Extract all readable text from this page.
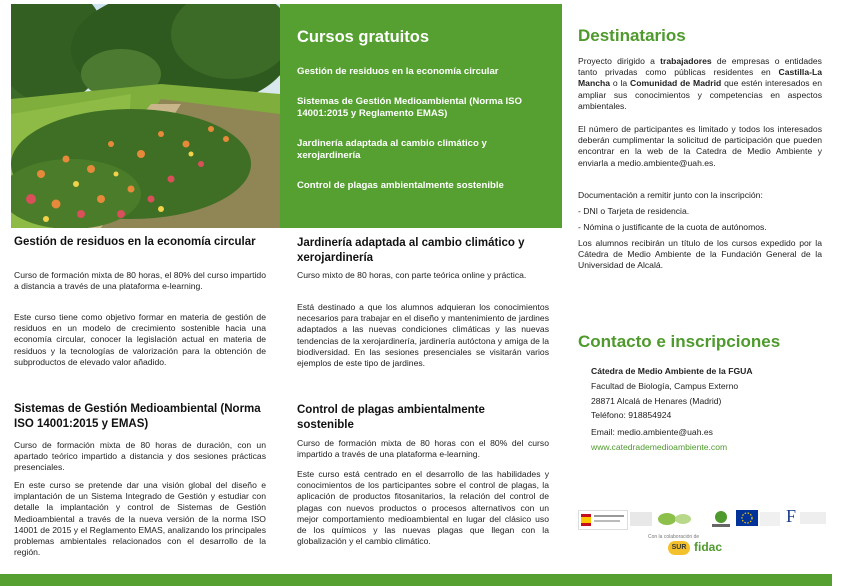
Cursos gratuitos

Gestión de residuos en la economía circular

Sistemas de Gestión Medioambiental (Norma ISO 14001:2015 y Reglamento EMAS)

Jardinería adaptada al cambio climático y xerojardinería

Control de plagas ambientalmente sostenible

Gestión de residuos en la economía circular

Curso de formación mixta de 80 horas, el 80% del curso impartido a distancia a través de una plataforma e-learning.

Este curso tiene como objetivo formar en materia de gestión de residuos en un modelo de crecimiento sostenible hacia una economía circular, conocer la legislación actual en materia de residuos y la tecnologías de valorización para la obtención de subproductos de elevado valor añadido.

Sistemas de Gestión Medioambiental (Norma ISO 14001:2015 y EMAS)

Curso de formación mixta de 80 horas de duración, con un apartado teórico impartido a distancia y dos sesiones prácticas presenciales.

En este curso se pretende dar una visión global del diseño e implantación de un Sistema Integrado de Gestión y estudiar con detalle la implantación y control de Sistemas de Gestión Medioambiental a través de la nueva versión de la norma ISO 14001 de 2015 y el Reglamento EMAS, analizando los principales problemas ambientales relacionados con el desarrollo de la región.

Jardinería adaptada al cambio climático y xerojardinería

Curso mixto de 80 horas, con parte teórica online y práctica.

Está destinado a que los alumnos adquieran los conocimientos necesarios para trabajar en el diseño y mantenimiento de jardines adaptados a las nuevas condiciones climáticas y las nuevas tendencias de la xerojardinería, jardinería autóctona y amiga de la biodiversidad. En las sesiones presenciales se visitarán varios ejemplos de este tipo de jardines.

Control de plagas ambientalmente sostenible

Curso de formación mixta de 80 horas con el 80% del curso impartido a través de una plataforma e-learning.

Este curso está centrado en el desarrollo de las habilidades y conocimientos de los participantes sobre el control de plagas, la aplicación de productos fitosanitarios, la relación del control de plagas con nuevos productos o procesos alternativos con un mejor comportamiento medioambiental en lugar del clásico uso de los químicos y las nuevas plagas que llegan con la globalización y el cambio climático.

Destinatarios

Proyecto dirigido a trabajadores de empresas o entidades tanto privadas como públicas residentes en Castilla-La Mancha o la Comunidad de Madrid que estén interesados en ampliar sus conocimientos y competencias en aspectos ambientales.

El número de participantes es limitado y todos los interesados deberán cumplimentar la solicitud de participación que pueden encontrar en la web de la Catedra de Medio Ambiente y enviarla a medio.ambiente@uah.es.

Documentación a remitir junto con la inscripción:

- DNI o Tarjeta de residencia.

- Nómina o justificante de la cuota de autónomos.

Los alumnos recibirán un título de los cursos expedido por la Cátedra de Medio Ambiente de la Fundación General de la Universidad de Alcalá.

Contacto e inscripciones

Cátedra de Medio Ambiente de la FGUA

Facultad de Biología, Campus Externo

28871 Alcalá de Henares (Madrid)

Teléfono: 918854924

Email: medio.ambiente@uah.es

www.catedrademedioambiente.com

F

Con la colaboración de

SUR fidac
